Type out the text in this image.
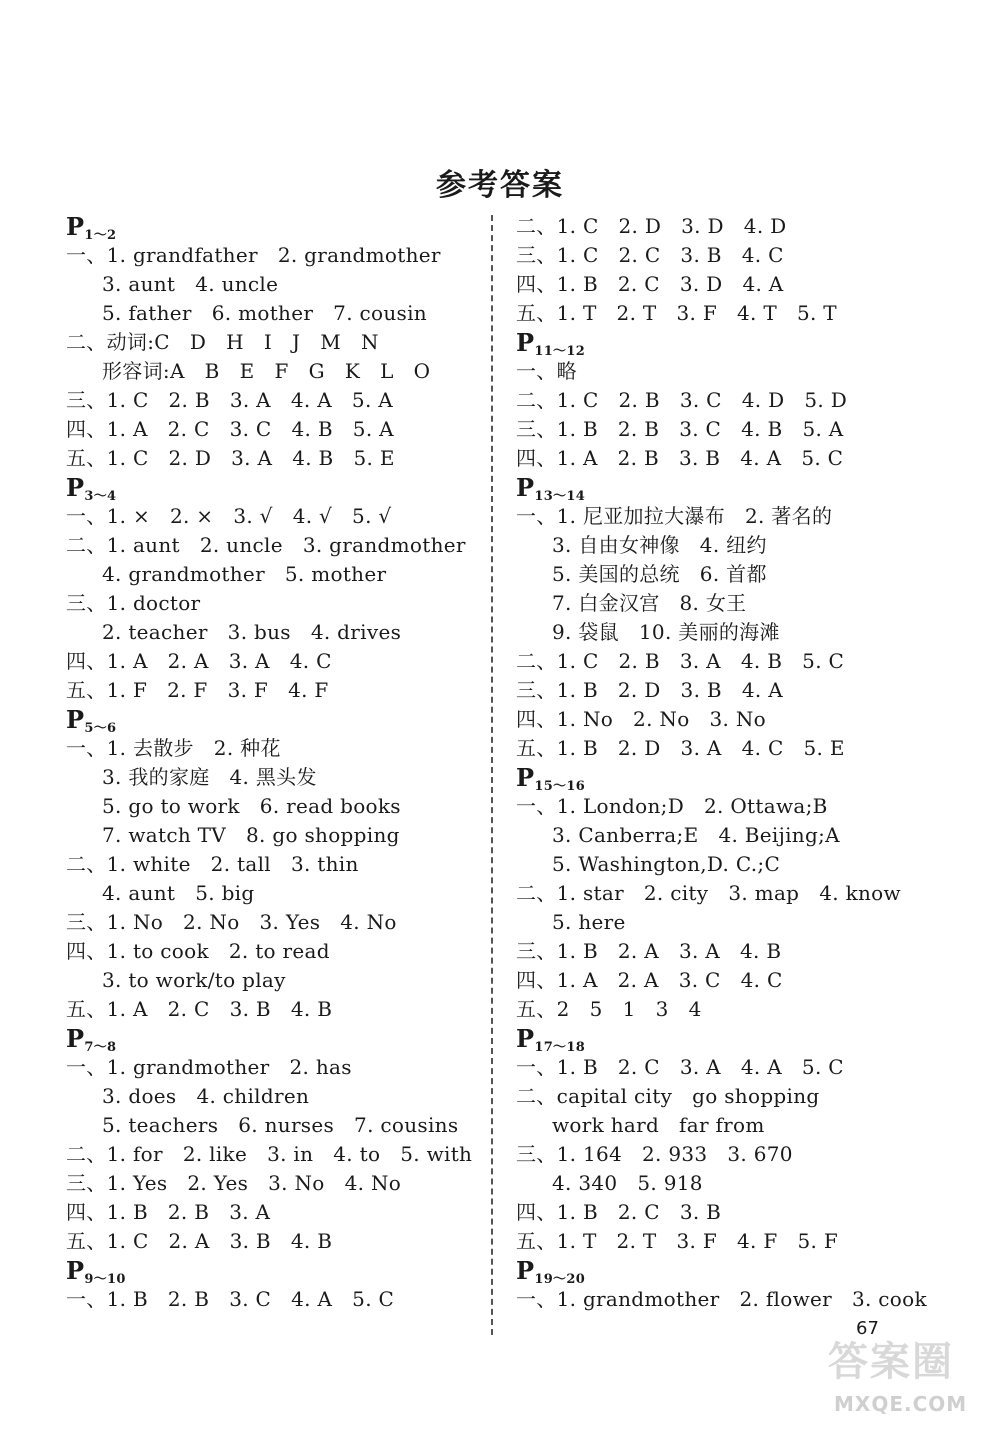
参考答案
$P_{1\sim 2}$
一、1. grandfather   2. grandmother
3. aunt   4. uncle
5. father   6. mother   7. cousin
二、动词:C   D   H   I   J   M   N
形容词:A   B   E   F   G   K   L   O
三、1. C   2. B   3. A   4. A   5. A
四、1. A   2. C   3. C   4. B   5. A
五、1. C   2. D   3. A   4. B   5. E
$P_{3\sim 4}$
一、1. ×   2. ×   3. √   4. √   5. √
二、1. aunt   2. uncle   3. grandmother
4. grandmother   5. mother
三、1. doctor
2. teacher   3. bus   4. drives
四、1. A   2. A   3. A   4. C
五、1. F   2. F   3. F   4. F
$P_{5\sim 6}$
一、1. 去散步   2. 种花
3. 我的家庭   4. 黑头发
5. go to work   6. read books
7. watch TV   8. go shopping
二、1. white   2. tall   3. thin
4. aunt   5. big
三、1. No   2. No   3. Yes   4. No
四、1. to cook   2. to read
3. to work/to play
五、1. A   2. C   3. B   4. B
$P_{7\sim 8}$
一、1. grandmother   2. has
3. does   4. children
5. teachers   6. nurses   7. cousins
二、1. for   2. like   3. in   4. to   5. with
三、1. Yes   2. Yes   3. No   4. No
四、1. B   2. B   3. A
五、1. C   2. A   3. B   4. B
$P_{9\sim 10}$
一、1. B   2. B   3. C   4. A   5. C
二、1. C   2. D   3. D   4. D
三、1. C   2. C   3. B   4. C
四、1. B   2. C   3. D   4. A
五、1. T   2. T   3. F   4. T   5. T
$P_{11\sim 12}$
一、略
二、1. C   2. B   3. C   4. D   5. D
三、1. B   2. B   3. C   4. B   5. A
四、1. A   2. B   3. B   4. A   5. C
$P_{13\sim 14}$
一、1. 尼亚加拉大瀑布   2. 著名的
3. 自由女神像   4. 纽约
5. 美国的总统   6. 首都
7. 白金汉宫   8. 女王
9. 袋鼠   10. 美丽的海滩
二、1. C   2. B   3. A   4. B   5. C
三、1. B   2. D   3. B   4. A
四、1. No   2. No   3. No
五、1. B   2. D   3. A   4. C   5. E
$P_{15\sim 16}$
一、1. London;D   2. Ottawa;B
3. Canberra;E   4. Beijing;A
5. Washington,D. C.;C
二、1. star   2. city   3. map   4. know
5. here
三、1. B   2. A   3. A   4. B
四、1. A   2. A   3. C   4. C
五、2   5   1   3   4
$P_{17\sim 18}$
一、1. B   2. C   3. A   4. A   5. C
二、capital city   go shopping
work hard   far from
三、1. 164   2. 933   3. 670
4. 340   5. 918
四、1. B   2. C   3. B
五、1. T   2. T   3. F   4. F   5. F
$P_{19\sim 20}$
一、1. grandmother   2. flower   3. cook
67
答案圈
MXQE.COM
